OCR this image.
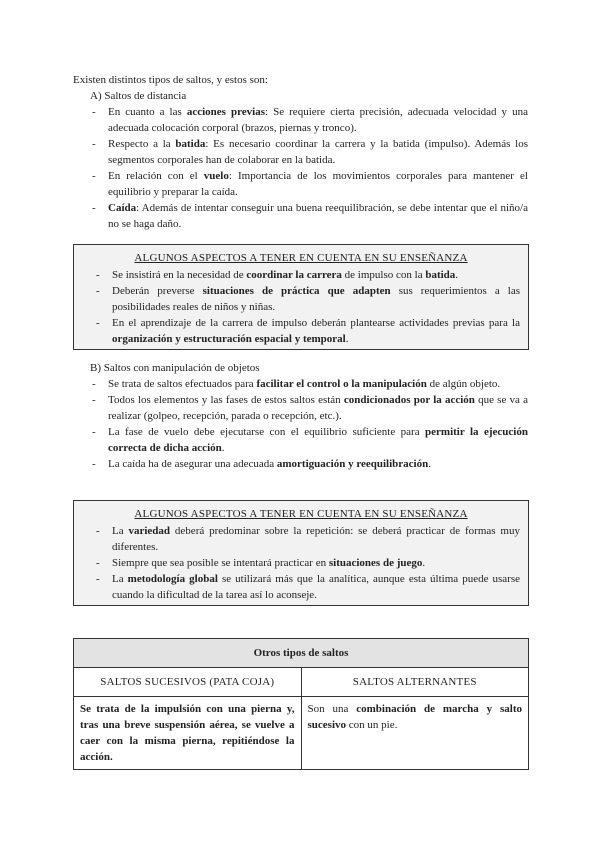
Existen distintos tipos de saltos, y estos son:
A) Saltos de distancia
- En cuanto a las acciones previas: Se requiere cierta precisión, adecuada velocidad y una adecuada colocación corporal (brazos, piernas y tronco).
- Respecto a la batida: Es necesario coordinar la carrera y la batida (impulso). Además los segmentos corporales han de colaborar en la batida.
- En relación con el vuelo: Importancia de los movimientos corporales para mantener el equilibrio y preparar la caída.
- Caída: Además de intentar conseguir una buena reequilibración, se debe intentar que el niño/a no se haga daño.
ALGUNOS ASPECTOS A TENER EN CUENTA EN SU ENSEÑANZA
- Se insistirá en la necesidad de coordinar la carrera de impulso con la batida.
- Deberán preverse situaciones de práctica que adapten sus requerimientos a las posibilidades reales de niños y niñas.
- En el aprendizaje de la carrera de impulso deberán plantearse actividades previas para la organización y estructuración espacial y temporal.
B) Saltos con manipulación de objetos
- Se trata de saltos efectuados para facilitar el control o la manipulación de algún objeto.
- Todos los elementos y las fases de estos saltos están condicionados por la acción que se va a realizar (golpeo, recepción, parada o recepción, etc.).
- La fase de vuelo debe ejecutarse con el equilibrio suficiente para permitir la ejecución correcta de dicha acción.
- La caída ha de asegurar una adecuada amortiguación y reequilibración.
ALGUNOS ASPECTOS A TENER EN CUENTA EN SU ENSEÑANZA
- La variedad deberá predominar sobre la repetición: se deberá practicar de formas muy diferentes.
- Siempre que sea posible se intentará practicar en situaciones de juego.
- La metodología global se utilizará más que la analítica, aunque esta última puede usarse cuando la dificultad de la tarea así lo aconseje.
Otros tipos de saltos	
SALTOS SUCESIVOS (PATA COJA)	SALTOS ALTERNANTES
Se trata de la impulsión con una pierna y, tras una breve suspensión aérea, se vuelve a caer con la misma pierna, repitiéndose la acción.	Son una combinación de marcha y salto sucesivo con un pie.
